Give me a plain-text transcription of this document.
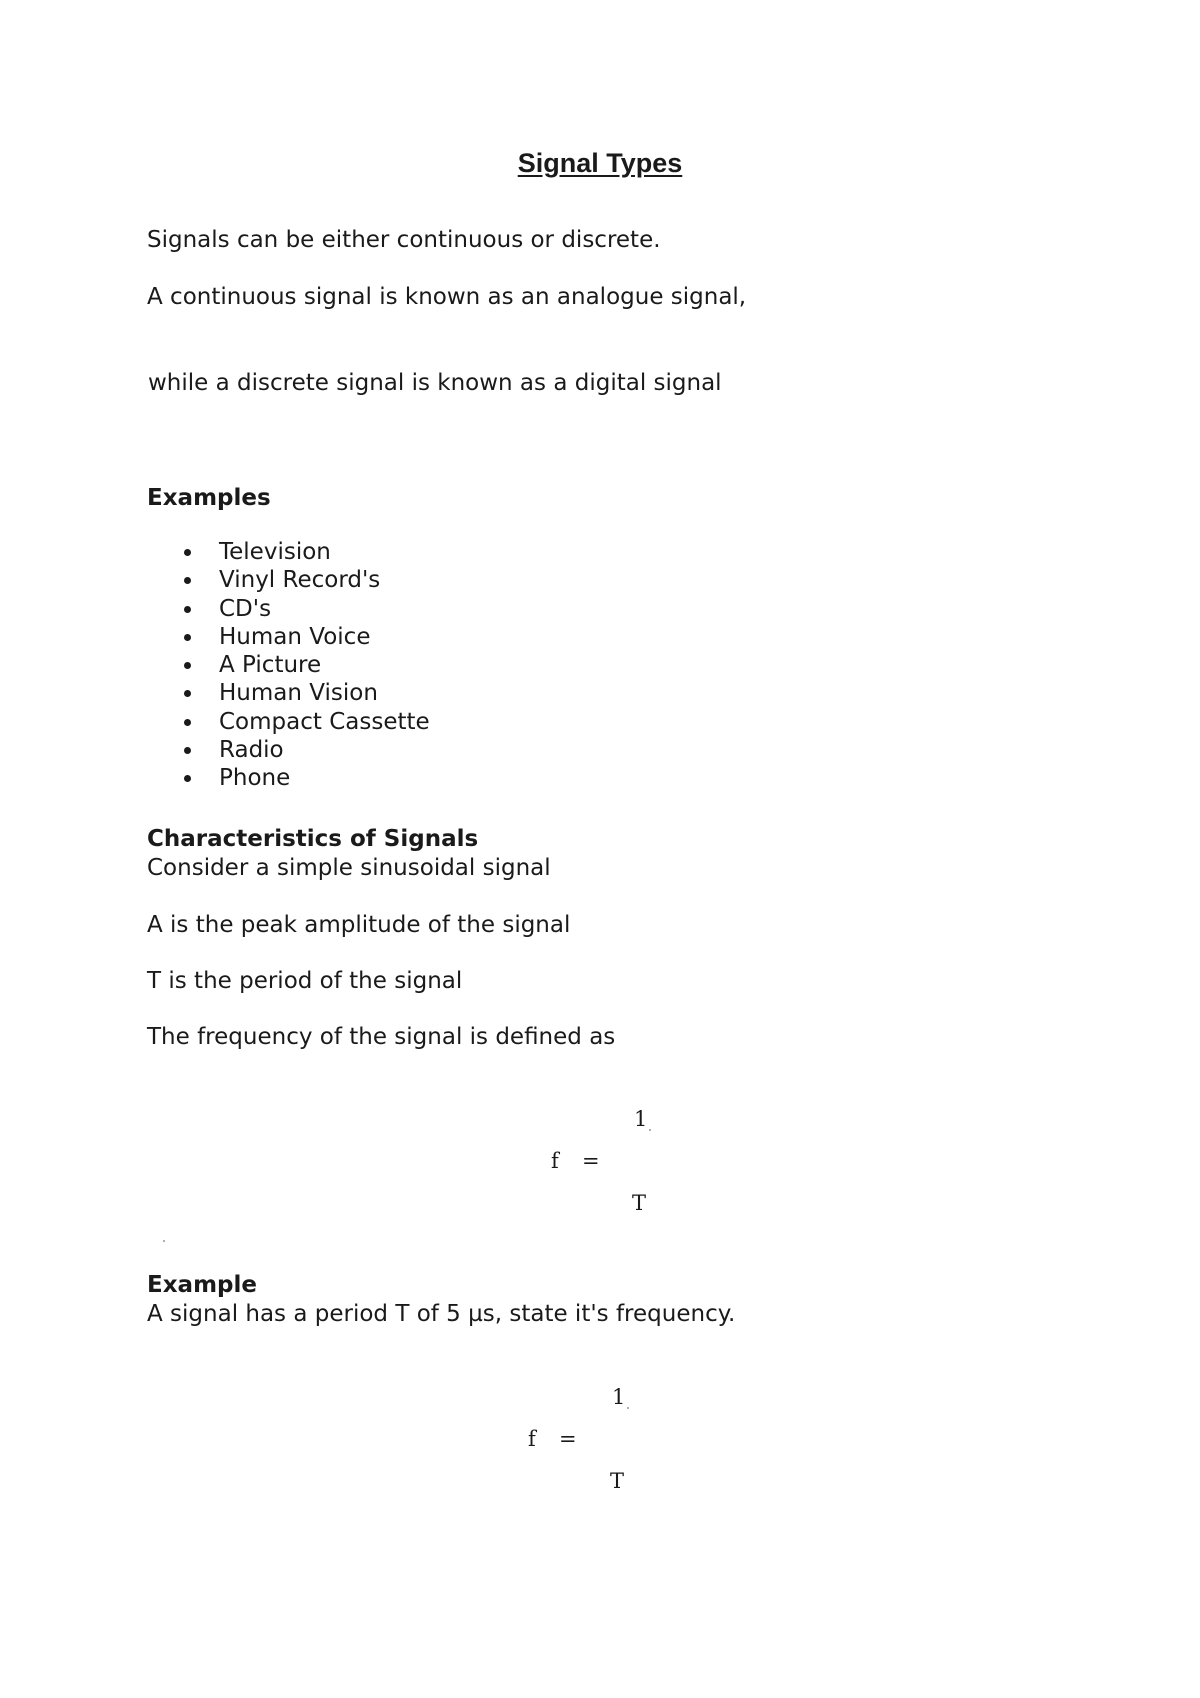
Signal Types
Signals can be either continuous or discrete.
A continuous signal is known as an analogue signal,
while a discrete signal is known as a digital signal
Examples
Television
Vinyl Record's
CD's
Human Voice
A Picture
Human Vision
Compact Cassette
Radio
Phone
Characteristics of Signals
Consider a simple sinusoidal signal
A is the peak amplitude of the signal
T is the period of the signal
The frequency of the signal is defined as
1
f =
T
Example
A signal has a period T of 5 µs, state it's frequency.
1
f =
T
